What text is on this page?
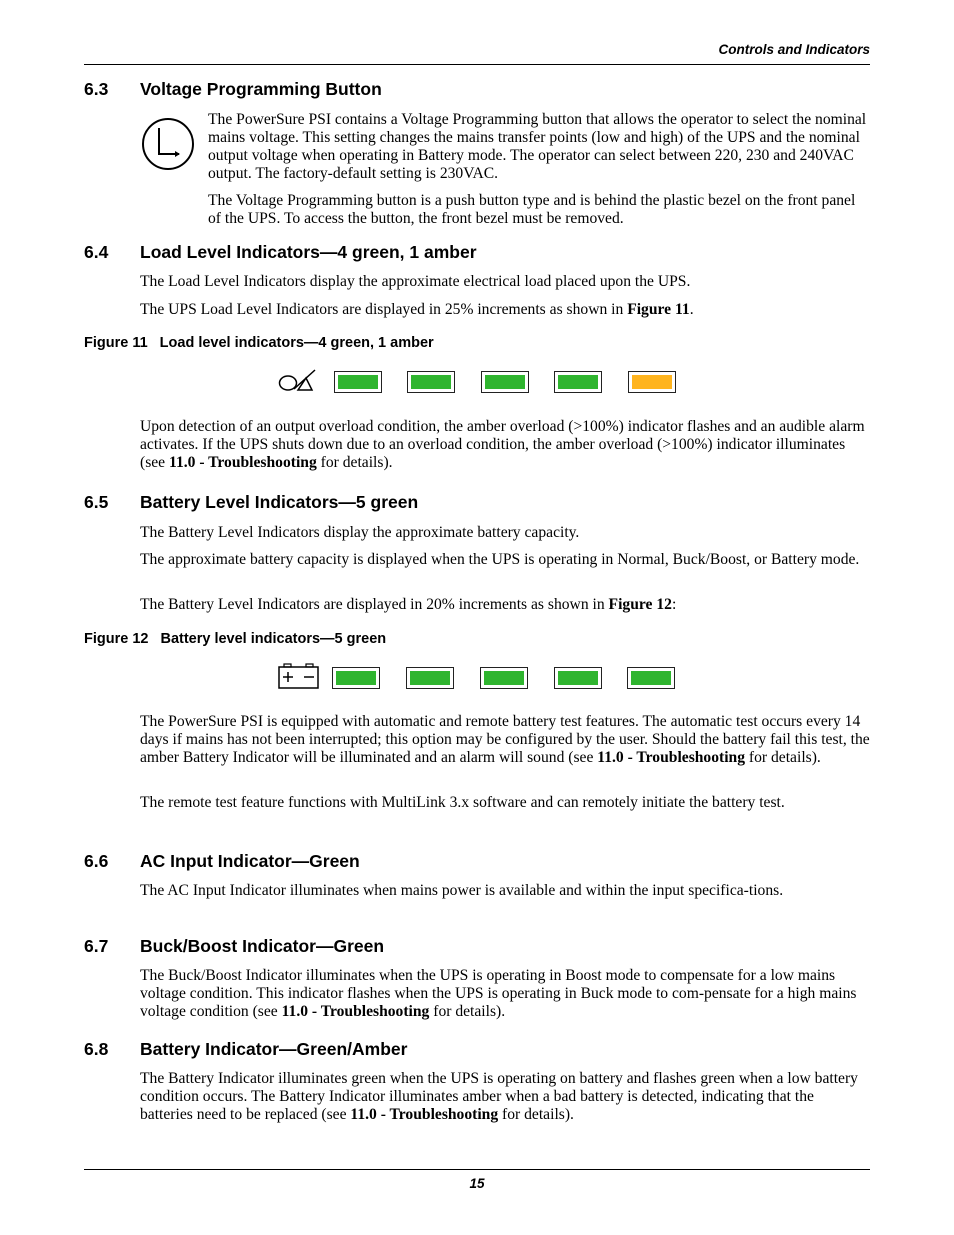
Controls and Indicators
6.3 Voltage Programming Button
The PowerSure PSI contains a Voltage Programming button that allows the operator to select the nominal mains voltage. This setting changes the mains transfer points (low and high) of the UPS and the nominal output voltage when operating in Battery mode. The operator can select between 220, 230 and 240VAC output. The factory-default setting is 230VAC.
The Voltage Programming button is a push button type and is behind the plastic bezel on the front panel of the UPS. To access the button, the front bezel must be removed.
6.4 Load Level Indicators—4 green, 1 amber
The Load Level Indicators display the approximate electrical load placed upon the UPS.
The UPS Load Level Indicators are displayed in 25% increments as shown in Figure 11.
Figure 11 Load level indicators—4 green, 1 amber
Upon detection of an output overload condition, the amber overload (>100%) indicator flashes and an audible alarm activates. If the UPS shuts down due to an overload condition, the amber overload (>100%) indicator illuminates (see 11.0 - Troubleshooting for details).
6.5 Battery Level Indicators—5 green
The Battery Level Indicators display the approximate battery capacity.
The approximate battery capacity is displayed when the UPS is operating in Normal, Buck/Boost, or Battery mode.
The Battery Level Indicators are displayed in 20% increments as shown in Figure 12:
Figure 12 Battery level indicators—5 green
The PowerSure PSI is equipped with automatic and remote battery test features. The automatic test occurs every 14 days if mains has not been interrupted; this option may be configured by the user. Should the battery fail this test, the amber Battery Indicator will be illuminated and an alarm will sound (see 11.0 - Troubleshooting for details).
The remote test feature functions with MultiLink 3.x software and can remotely initiate the battery test.
6.6 AC Input Indicator—Green
The AC Input Indicator illuminates when mains power is available and within the input specifica-tions.
6.7 Buck/Boost Indicator—Green
The Buck/Boost Indicator illuminates when the UPS is operating in Boost mode to compensate for a low mains voltage condition. This indicator flashes when the UPS is operating in Buck mode to com-pensate for a high mains voltage condition (see 11.0 - Troubleshooting for details).
6.8 Battery Indicator—Green/Amber
The Battery Indicator illuminates green when the UPS is operating on battery and flashes green when a low battery condition occurs. The Battery Indicator illuminates amber when a bad battery is detected, indicating that the batteries need to be replaced (see 11.0 - Troubleshooting for details).
15
